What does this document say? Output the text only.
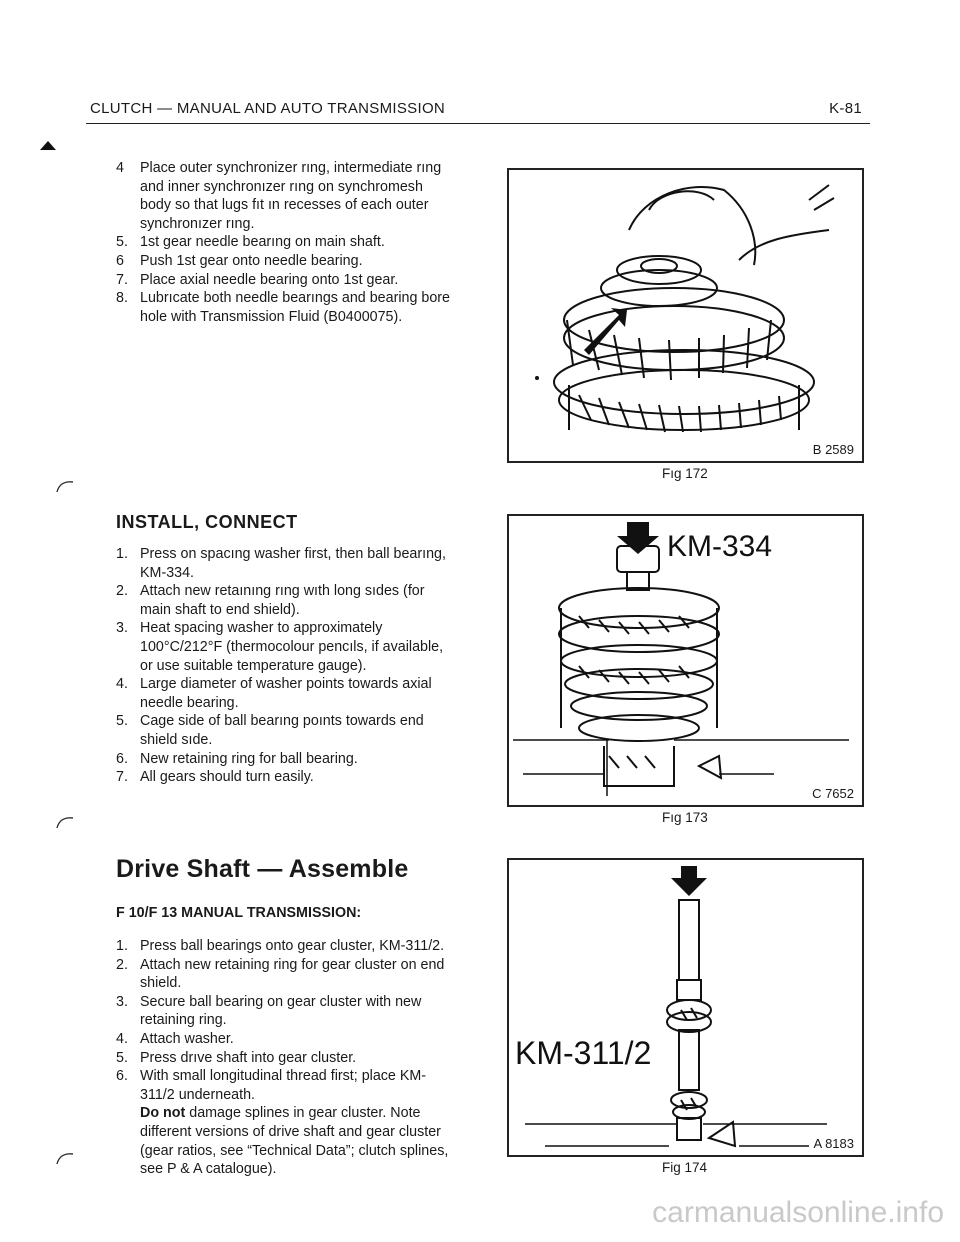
CLUTCH — MANUAL AND AUTO TRANSMISSION	K-81
4	Place outer synchronizer rıng, intermediate rıng and inner synchronızer rıng on synchromesh body so that lugs fıt ın recesses of each outer synchronızer rıng.
5. 1st gear needle bearıng on main shaft.
6	Push 1st gear onto needle bearing.
7. Place axial needle bearing onto 1st gear.
8. Lubrıcate both needle bearıngs and bearing bore hole with Transmission Fluid (B0400075).
INSTALL, CONNECT
1. Press on spacıng washer first, then ball bearıng, KM-334.
2. Attach new retaınıng rıng wıth long sıdes (for main shaft to end shield).
3. Heat spacing washer to approximately 100°C/212°F (thermocolour pencıls, if available, or use suitable temperature gauge).
4. Large diameter of washer points towards axial needle bearing.
5. Cage side of ball bearıng poınts towards end shield sıde.
6. New retaining ring for ball bearing.
7. All gears should turn easily.
Drive Shaft — Assemble
F 10/F 13 MANUAL TRANSMISSION:
1. Press ball bearings onto gear cluster, KM-311/2.
2. Attach new retaining ring for gear cluster on end shield.
3. Secure ball bearing on gear cluster with new retaining ring.
4. Attach washer.
5. Press drıve shaft into gear cluster.
6. With small longitudinal thread first; place KM-311/2 underneath.
Do not damage splines in gear cluster. Note different versions of drive shaft and gear cluster (gear ratios, see “Technical Data”; clutch splines, see P & A catalogue).
B 2589
Fıg 172
KM-334
C 7652
Fıg 173
KM-311/2
A 8183
Fig 174
carmanualsonline.info
